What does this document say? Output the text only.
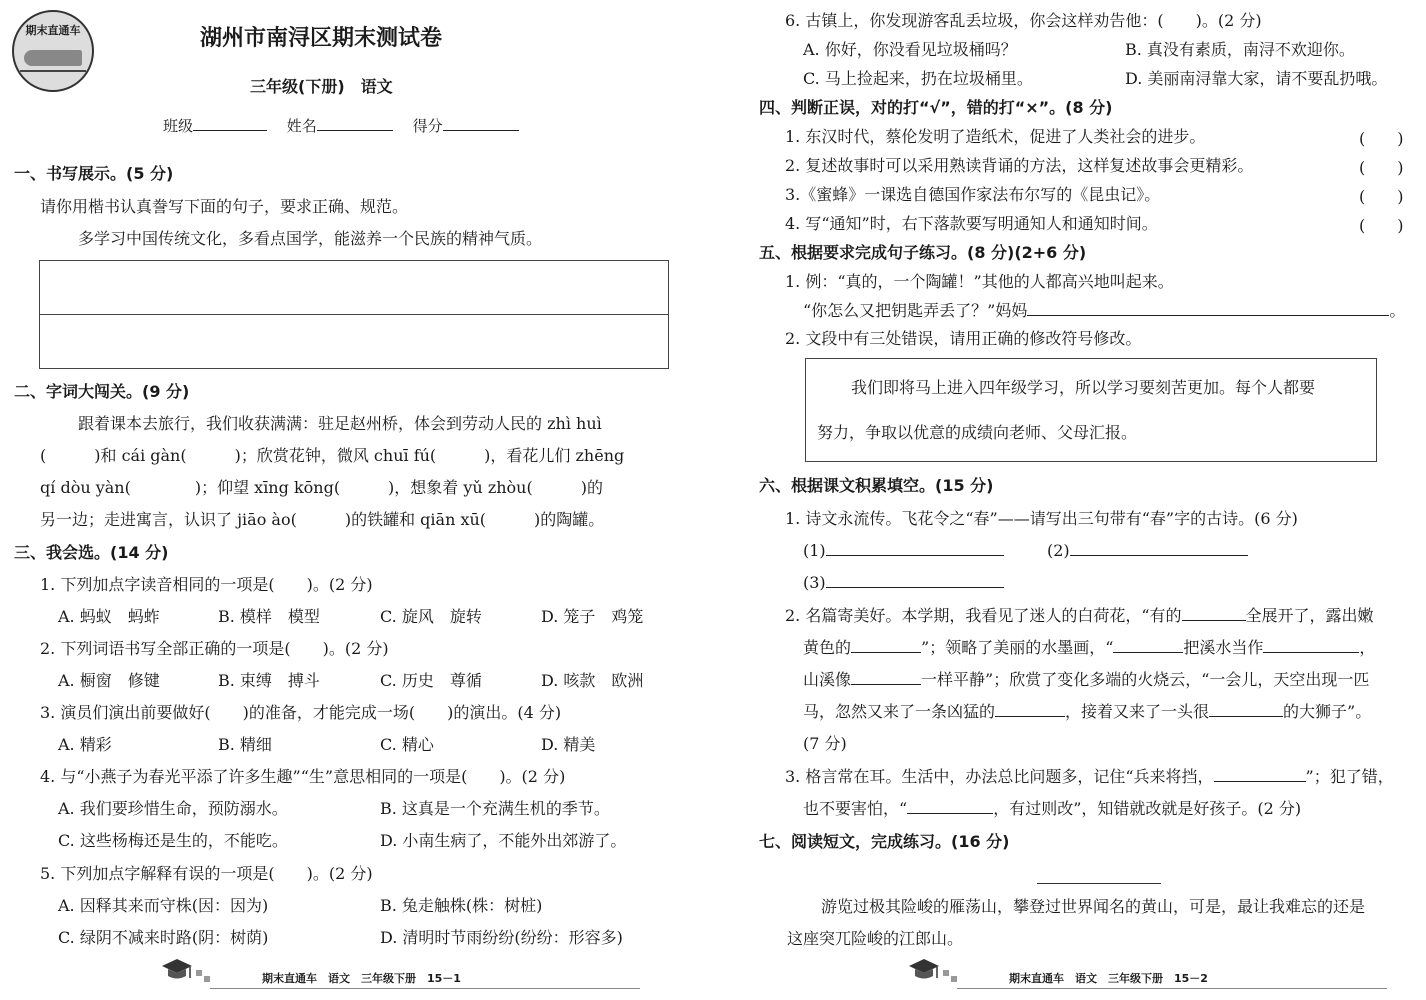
期末直通车	湖州市南浔区期末测试卷
三年级(下册)　语文
班级 　	姓名 　	得分
一、书写展示。(5 分)
请你用楷书认真誊写下面的句子，要求正确、规范。
多学习中国传统文化，多看点国学，能滋养一个民族的精神气质。
二、字词大闯关。(9 分)
跟着课本去旅行，我们收获满满：驻足赵州桥，体会到劳动人民的 zhì huì
(　　　)和 cái gàn(　　　)；欣赏花钟，微风 chuī fú(　　　)，看花儿们 zhēng
qí dòu yàn(　　　　)；仰望 xīng kōng(　　　)，想象着 yǔ zhòu(　　　)的
另一边；走进寓言，认识了 jiāo ào(　　　)的铁罐和 qiān xū(　　　)的陶罐。
三、我会选。(14 分)
1. 下列加点字读音相同的一项是(　　)。(2 分)
A. 蚂蚁　蚂蚱	B. 模样　模型	C. 旋风　旋转	D. 笼子　鸡笼
2. 下列词语书写全部正确的一项是(　　)。(2 分)
A. 橱窗　修键	B. 束缚　搏斗	C. 历史　尊循	D. 咳款　欧洲
3. 演员们演出前要做好(　　)的准备，才能完成一场(　　)的演出。(4 分)
A. 精彩	B. 精细	C. 精心	D. 精美
4. 与“小燕子为春光平添了许多生趣”“生”意思相同的一项是(　　)。(2 分)
A. 我们要珍惜生命，预防溺水。	B. 这真是一个充满生机的季节。
C. 这些杨梅还是生的，不能吃。	D. 小南生病了，不能外出郊游了。
5. 下列加点字解释有误的一项是(　　)。(2 分)
A. 因释其来而守株(因：因为)	B. 兔走触株(株：树桩)
C. 绿阴不减来时路(阴：树荫)	D. 清明时节雨纷纷(纷纷：形容多)
期末直通车　语文　三年级下册　15－1
6. 古镇上，你发现游客乱丢垃圾，你会这样劝告他：(　　)。(2 分)
A. 你好，你没看见垃圾桶吗？	B. 真没有素质，南浔不欢迎你。
C. 马上捡起来，扔在垃圾桶里。	D. 美丽南浔靠大家，请不要乱扔哦。
四、判断正误，对的打“√”，错的打“×”。(8 分)
1. 东汉时代，蔡伦发明了造纸术，促进了人类社会的进步。	(　　)
2. 复述故事时可以采用熟读背诵的方法，这样复述故事会更精彩。	(　　)
3.《蜜蜂》一课选自德国作家法布尔写的《昆虫记》。	(　　)
4. 写“通知”时，右下落款要写明通知人和通知时间。	(　　)
五、根据要求完成句子练习。(8 分)(2+6 分)
1. 例：“真的，一个陶罐！”其他的人都高兴地叫起来。
“你怎么又把钥匙弄丢了？”妈妈	。
2. 文段中有三处错误，请用正确的修改符号修改。
我们即将马上进入四年级学习，所以学习要刻苦更加。每个人都要
努力，争取以优意的成绩向老师、父母汇报。
六、根据课文积累填空。(15 分)
1. 诗文永流传。飞花令之“春”——请写出三句带有“春”字的古诗。(6 分)
(1)	(2)
(3)
2. 名篇寄美好。本学期，我看见了迷人的白荷花，“有的	全展开了，露出嫩
黄色的	”；领略了美丽的水墨画，“	把溪水当作	，
山溪像	一样平静”；欣赏了变化多端的火烧云，“一会儿，天空出现一匹
马，忽然又来了一条凶猛的	，接着又来了一头很	的大狮子”。
(7 分)
3. 格言常在耳。生活中，办法总比问题多，记住“兵来将挡，	”；犯了错，
也不要害怕，“	，有过则改”，知错就改就是好孩子。(2 分)
七、阅读短文，完成练习。(16 分)
游览过极其险峻的雁荡山，攀登过世界闻名的黄山，可是，最让我难忘的还是
这座突兀险峻的江郎山。
期末直通车　语文　三年级下册　15－2
